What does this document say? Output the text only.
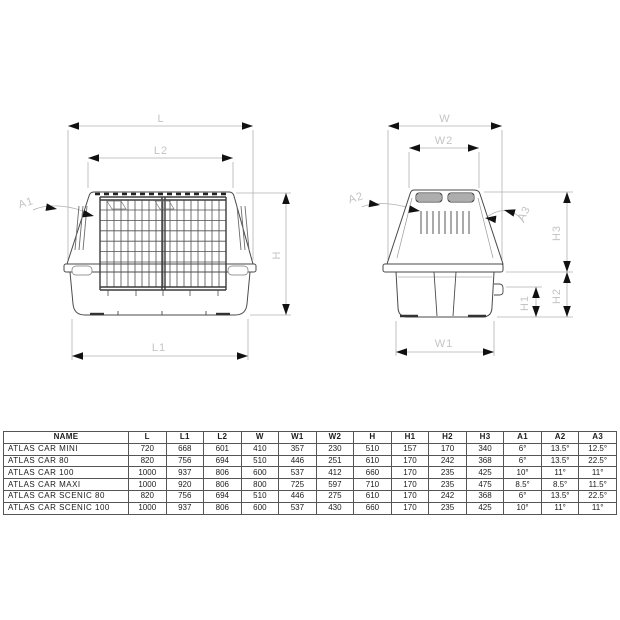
L
L2
H
L1
A1
W
W2
H3
H2
H1
W1
A2
A3
NAME	L	L1	L2	W	W1	W2	H	H1	H2	H3	A1	A2	A3
ATLAS CAR MINI	720	668	601	410	357	230	510	157	170	340	6°	13.5°	12.5°
ATLAS CAR 80	820	756	694	510	446	251	610	170	242	368	6°	13.5°	22.5°
ATLAS CAR 100	1000	937	806	600	537	412	660	170	235	425	10°	11°	11°
ATLAS CAR MAXI	1000	920	806	800	725	597	710	170	235	475	8.5°	8.5°	11.5°
ATLAS CAR SCENIC 80	820	756	694	510	446	275	610	170	242	368	6°	13.5°	22.5°
ATLAS CAR SCENIC 100	1000	937	806	600	537	430	660	170	235	425	10°	11°	11°
